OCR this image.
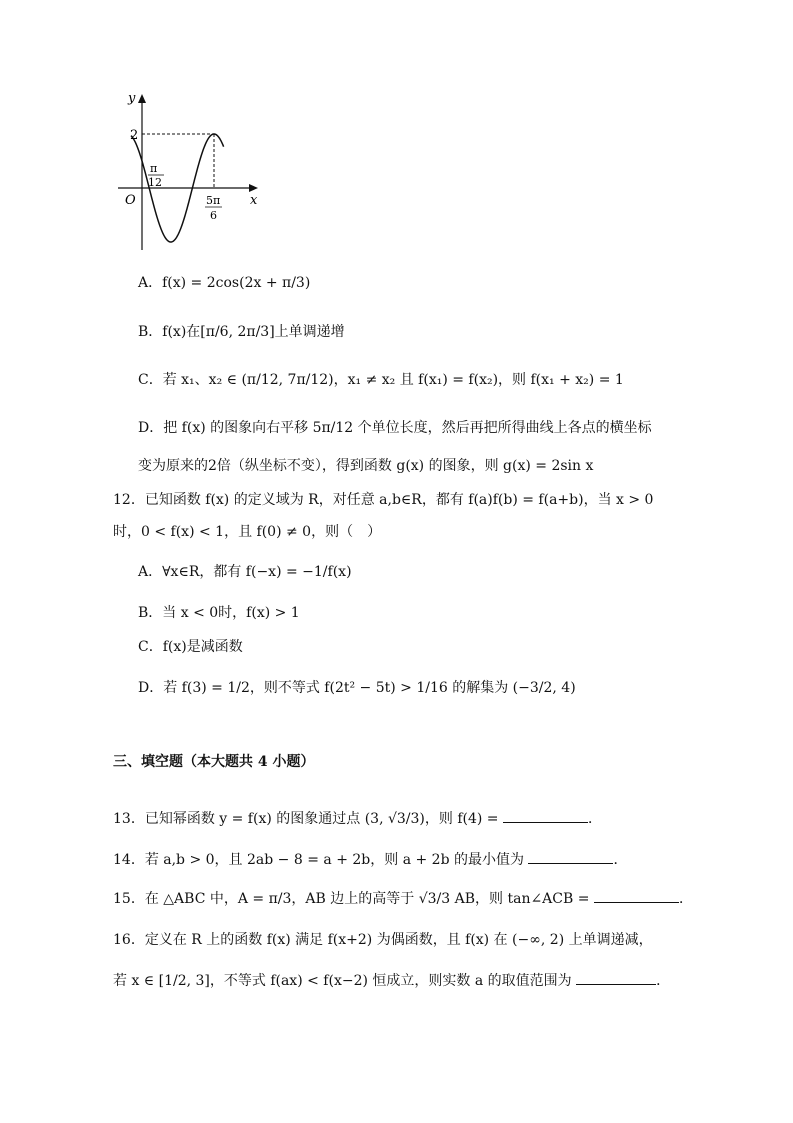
y
x
O
2
π
12
5π
6
A．f(x) = 2cos(2x + π/3)
B．f(x)在[π/6, 2π/3]上单调递增
C．若 x₁、x₂ ∈ (π/12, 7π/12)，x₁ ≠ x₂ 且 f(x₁) = f(x₂)，则 f(x₁ + x₂) = 1
D．把 f(x) 的图象向右平移 5π/12 个单位长度，然后再把所得曲线上各点的横坐标
变为原来的2倍（纵坐标不变），得到函数 g(x) 的图象，则 g(x) = 2sin x
12．已知函数 f(x) 的定义域为 R，对任意 a,b∈R，都有 f(a)f(b) = f(a+b)，当 x > 0
时，0 < f(x) < 1，且 f(0) ≠ 0，则（　）
A．∀x∈R，都有 f(−x) = −1/f(x)
B．当 x < 0时，f(x) > 1
C．f(x)是减函数
D．若 f(3) = 1/2，则不等式 f(2t² − 5t) > 1/16 的解集为 (−3/2, 4)
三、填空题（本大题共 4 小题）
13．已知幂函数 y = f(x) 的图象通过点 (3, √3/3)，则 f(4) =	．
14．若 a,b > 0，且 2ab − 8 = a + 2b，则 a + 2b 的最小值为	．
15．在 △ABC 中，A = π/3，AB 边上的高等于 √3/3 AB，则 tan∠ACB =	．
16．定义在 R 上的函数 f(x) 满足 f(x+2) 为偶函数，且 f(x) 在 (−∞, 2) 上单调递减，
若 x ∈ [1/2, 3]，不等式 f(ax) < f(x−2) 恒成立，则实数 a 的取值范围为	．
